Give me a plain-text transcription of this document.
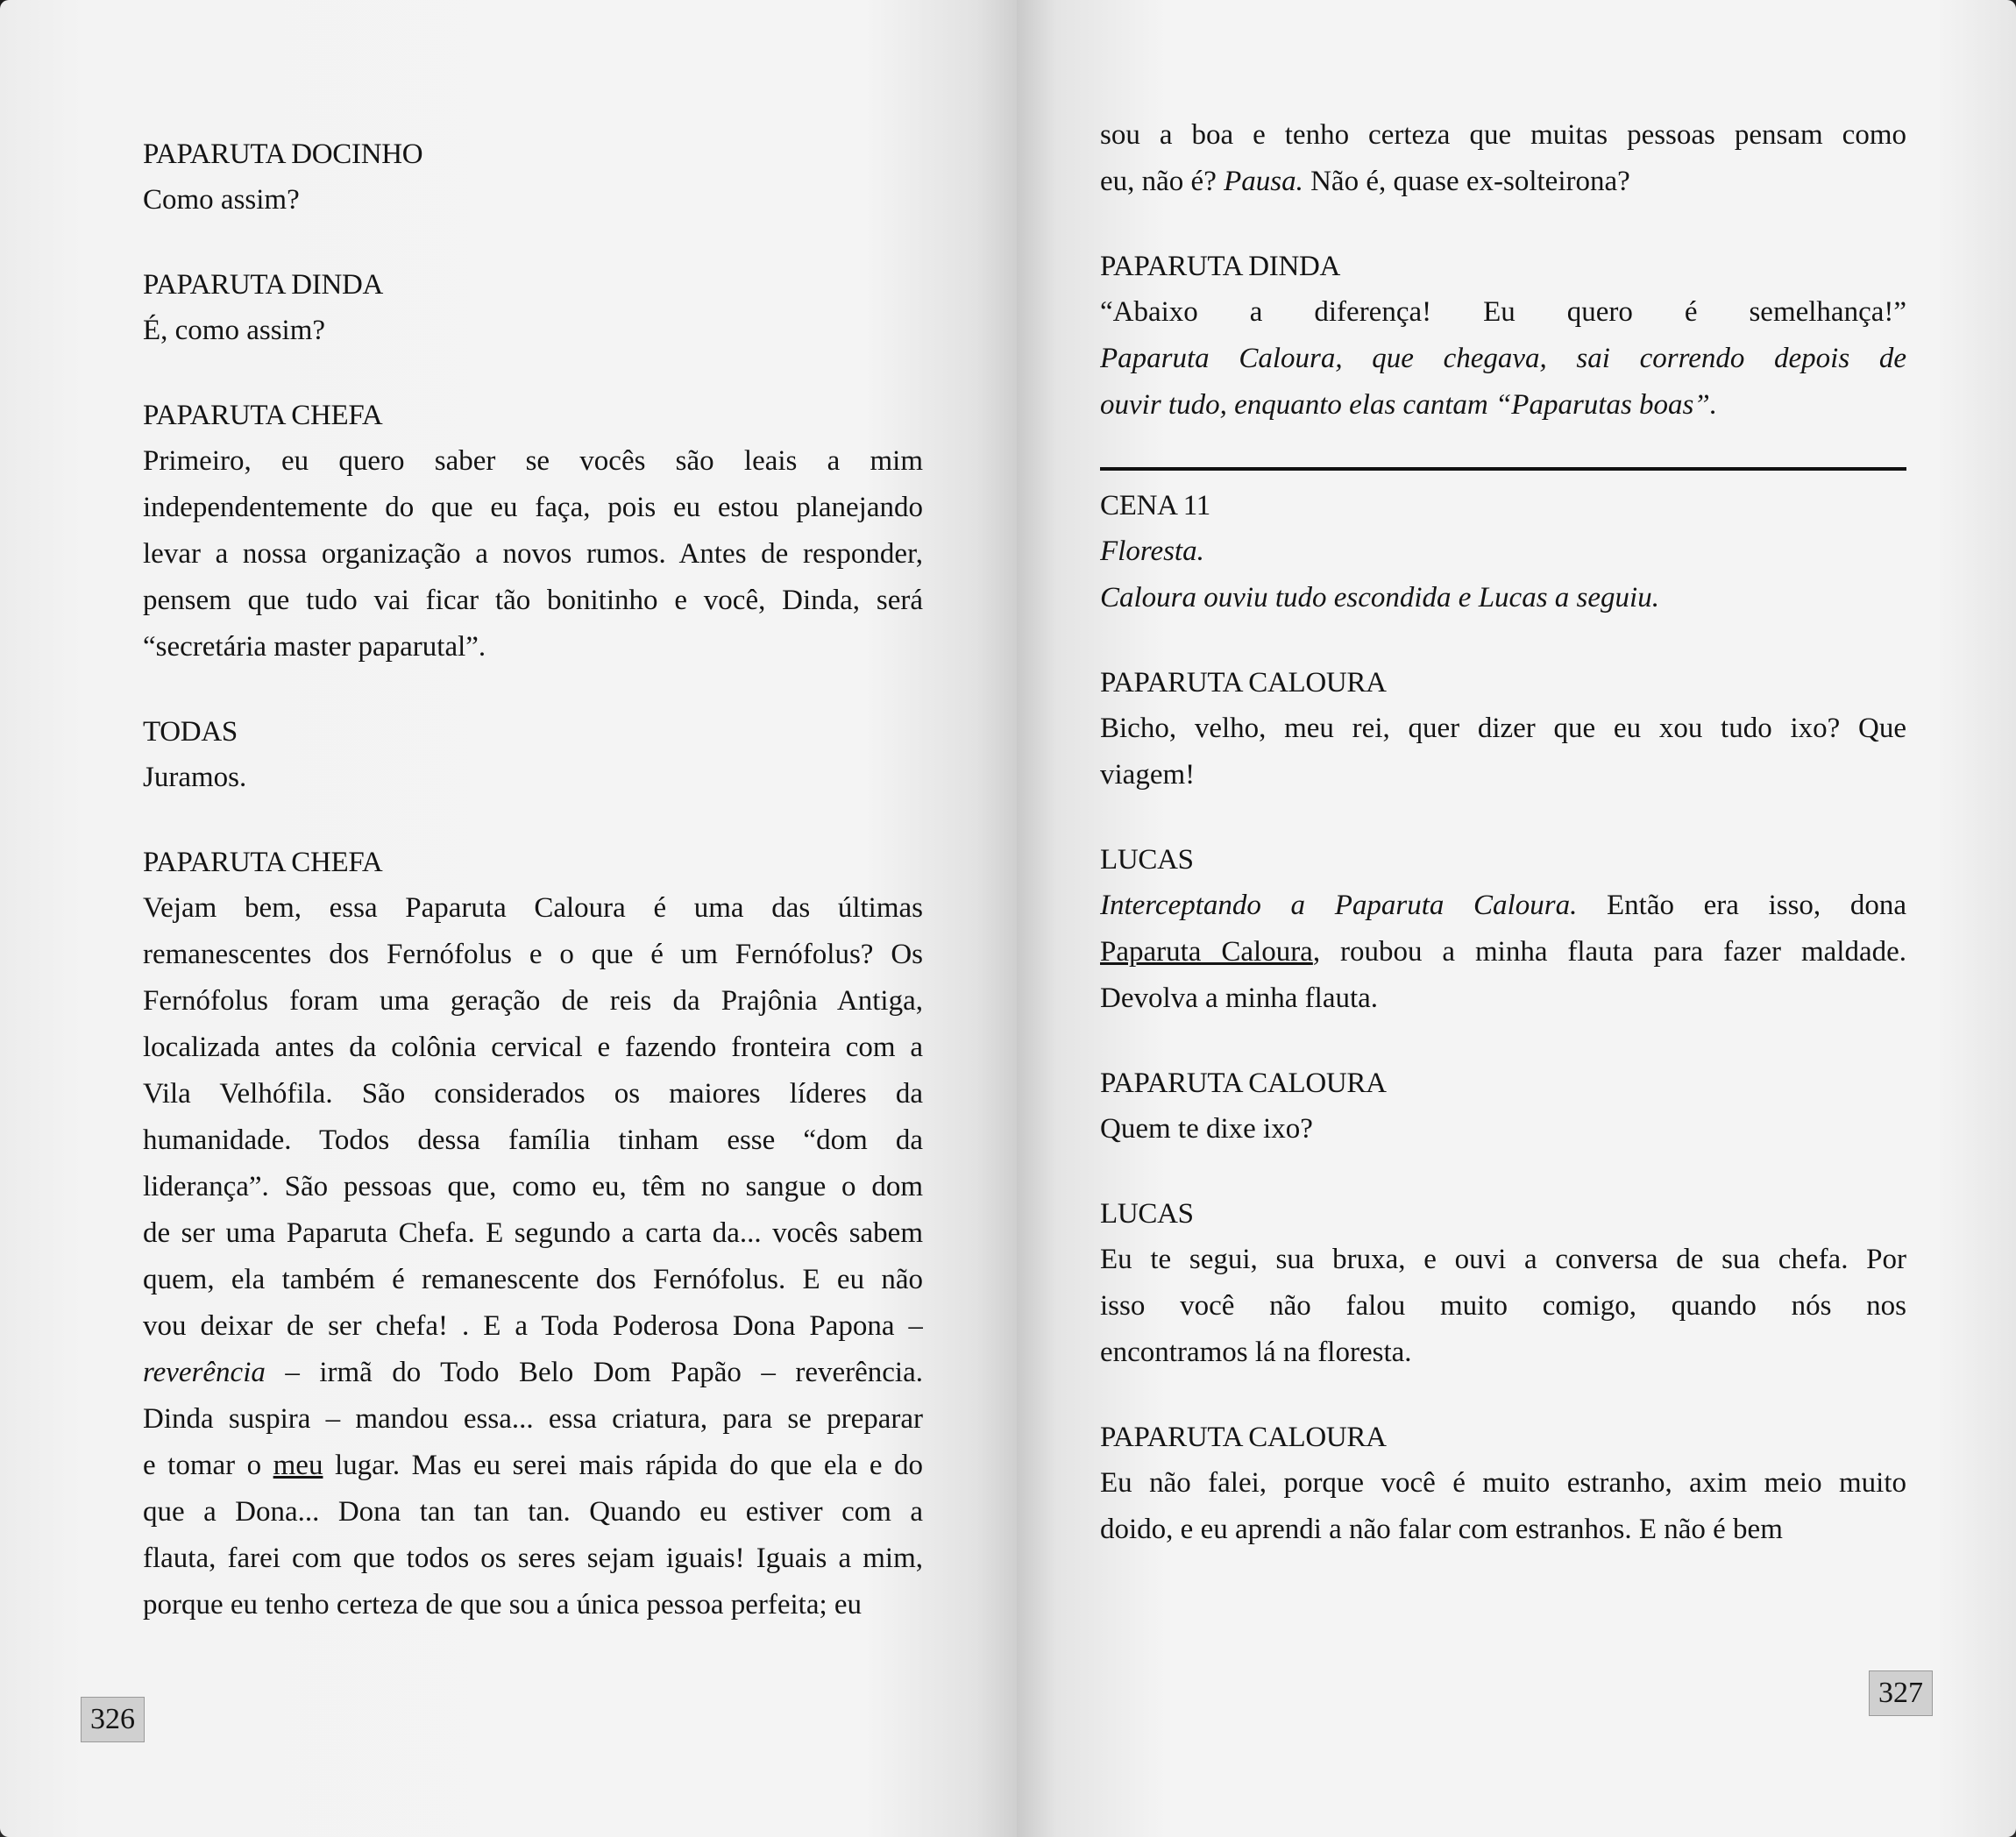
PAPARUTA DOCINHO
Como assim?
PAPARUTA DINDA
É, como assim?
PAPARUTA CHEFA
Primeiro, eu quero saber se vocês são leais a mim
independentemente do que eu faça, pois eu estou planejando
levar a nossa organização a novos rumos. Antes de responder,
pensem que tudo vai ficar tão bonitinho e você, Dinda, será
“secretária master paparutal”.
TODAS
Juramos.
PAPARUTA CHEFA
Vejam bem, essa Paparuta Caloura é uma das últimas
remanescentes dos Fernófolus e o que é um Fernófolus? Os
Fernófolus foram uma geração de reis da Prajônia Antiga,
localizada antes da colônia cervical e fazendo fronteira com a
Vila Velhófila. São considerados os maiores líderes da
humanidade. Todos dessa família tinham esse “dom da
liderança”. São pessoas que, como eu, têm no sangue o dom
de ser uma Paparuta Chefa. E segundo a carta da... vocês sabem
quem, ela também é remanescente dos Fernófolus. E eu não
vou deixar de ser chefa! . E a Toda Poderosa Dona Papona –
reverência – irmã do Todo Belo Dom Papão – reverência.
Dinda suspira – mandou essa... essa criatura, para se preparar
e tomar o meu lugar. Mas eu serei mais rápida do que ela e do
que a Dona... Dona tan tan tan. Quando eu estiver com a
flauta, farei com que todos os seres sejam iguais! Iguais a mim,
porque eu tenho certeza de que sou a única pessoa perfeita; eu
326
sou a boa e tenho certeza que muitas pessoas pensam como
eu, não é? Pausa. Não é, quase ex-solteirona?
PAPARUTA DINDA
“Abaixo a diferença! Eu quero é semelhança!”
Paparuta Caloura, que chegava, sai correndo depois de
ouvir tudo, enquanto elas cantam “Paparutas boas”.
CENA 11
Floresta.
Caloura ouviu tudo escondida e Lucas a seguiu.
PAPARUTA CALOURA
Bicho, velho, meu rei, quer dizer que eu xou tudo ixo? Que
viagem!
LUCAS
Interceptando a Paparuta Caloura. Então era isso, dona
Paparuta Caloura, roubou a minha flauta para fazer maldade.
Devolva a minha flauta.
PAPARUTA CALOURA
Quem te dixe ixo?
LUCAS
Eu te segui, sua bruxa, e ouvi a conversa de sua chefa. Por
isso você não falou muito comigo, quando nós nos
encontramos lá na floresta.
PAPARUTA CALOURA
Eu não falei, porque você é muito estranho, axim meio muito
doido, e eu aprendi a não falar com estranhos. E não é bem
327
